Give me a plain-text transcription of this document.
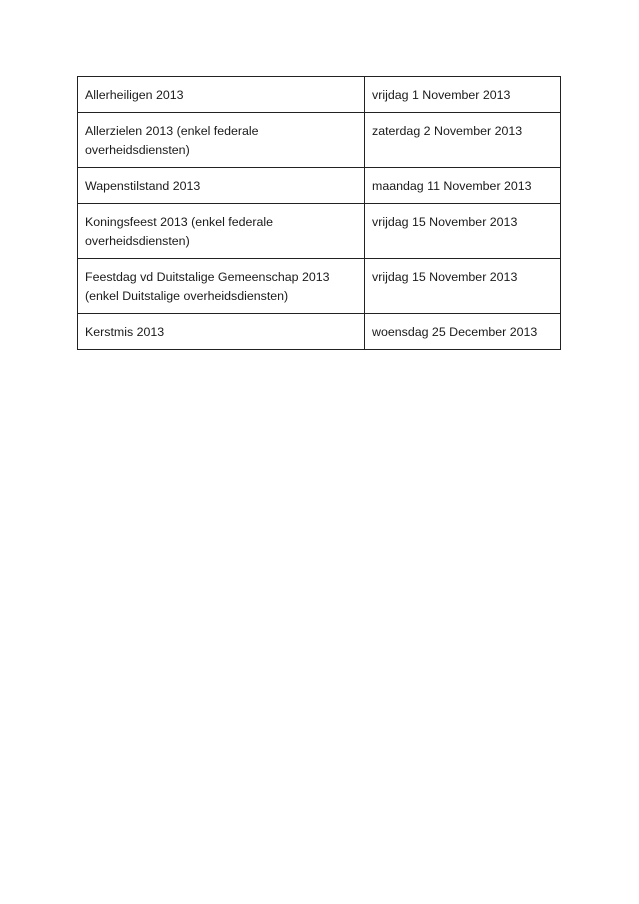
Allerheiligen 2013	vrijdag 1 November 2013
Allerzielen 2013 (enkel federale overheidsdiensten)	zaterdag 2 November 2013
Wapenstilstand 2013	maandag 11 November 2013
Koningsfeest 2013 (enkel federale overheidsdiensten)	vrijdag 15 November 2013
Feestdag vd Duitstalige Gemeenschap 2013 (enkel Duitstalige overheidsdiensten)	vrijdag 15 November 2013
Kerstmis 2013	woensdag 25 December 2013
